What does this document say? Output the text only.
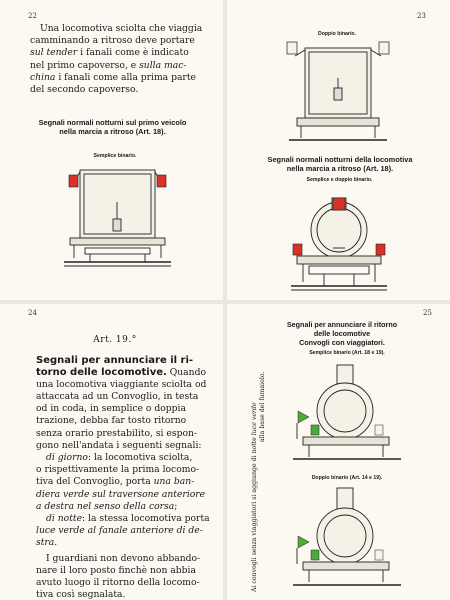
22

Una locomotiva sciolta che viaggia

camminando a ritroso deve portare

sul tender i fanali come è indicato

nel primo capoverso, e sulla mac-

china i fanali come alla prima parte

del secondo capoverso.

Segnali normali notturni sul primo veicolo
nella marcia a ritroso (Art. 18).
Semplice binario.
23
Doppio binario.
Segnali normali notturni della locomotiva
nella marcia a ritroso (Art. 18).
Semplice e doppio binario.
24
Art. 19.°
Segnali per annunciare il ri-

torno delle locomotive. Quando

una locomotiva viaggiante sciolta od

attaccata ad un Convoglio, in testa

od in coda, in semplice o doppia

trazione, debba far tosto ritorno

senza orario prestabilito, si espon-

gono nell'andata i seguenti segnali:

di giorno: la locomotiva sciolta,

o rispettivamente la prima locomo-

tiva del Convoglio, porta una ban-

diera verde sul traversone anteriore

a destra nel senso della corsa;

di notte: la stessa locomotiva porta

luce verde al fanale anteriore di de-

stra.

I guardiani non devono abbando-

nare il loro posto finchè non abbia

avuto luogo il ritorno della locomo-

tiva così segnalata.

25
Segnali per annunciare il ritorno
delle locomotive
Convogli con viaggiatori.
Semplice binario (Art. 18 e 19).
Ai convogli senza viaggiatori si aggiunge di notte luce verde alla base del fumaiolo.
Doppio binario (Art. 14 e 19).
